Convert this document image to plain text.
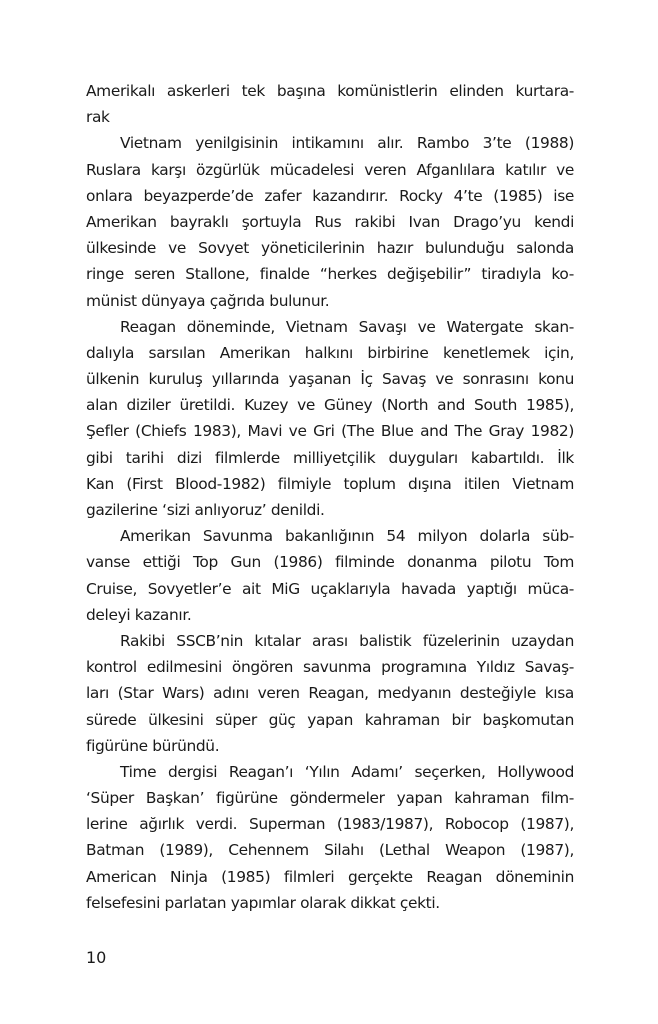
Amerikalı askerleri tek başına komünistlerin elinden kurtara-
rak
Vietnam yenilgisinin intikamını alır. Rambo 3’te (1988)
Ruslara karşı özgürlük mücadelesi veren Afganlılara katılır ve
onlara beyazperde’de zafer kazandırır. Rocky 4’te (1985) ise
Amerikan bayraklı şortuyla Rus rakibi Ivan Drago’yu kendi
ülkesinde ve Sovyet yöneticilerinin hazır bulunduğu salonda
ringe seren Stallone, finalde “herkes değişebilir” tiradıyla ko-
münist dünyaya çağrıda bulunur.
Reagan döneminde, Vietnam Savaşı ve Watergate skan-
dalıyla sarsılan Amerikan halkını birbirine kenetlemek için,
ülkenin kuruluş yıllarında yaşanan İç Savaş ve sonrasını konu
alan diziler üretildi. Kuzey ve Güney (North and South 1985),
Şefler (Chiefs 1983), Mavi ve Gri (The Blue and The Gray 1982)
gibi tarihi dizi filmlerde milliyetçilik duyguları kabartıldı. İlk
Kan (First Blood-1982) filmiyle toplum dışına itilen Vietnam
gazilerine ‘sizi anlıyoruz’ denildi.
Amerikan Savunma bakanlığının 54 milyon dolarla süb-
vanse ettiği Top Gun (1986) filminde donanma pilotu Tom
Cruise, Sovyetler’e ait MiG uçaklarıyla havada yaptığı müca-
deleyi kazanır.
Rakibi SSCB’nin kıtalar arası balistik füzelerinin uzaydan
kontrol edilmesini öngören savunma programına Yıldız Savaş-
ları (Star Wars) adını veren Reagan, medyanın desteğiyle kısa
sürede ülkesini süper güç yapan kahraman bir başkomutan
figürüne büründü.
Time dergisi Reagan’ı ‘Yılın Adamı’ seçerken, Hollywood
‘Süper Başkan’ figürüne göndermeler yapan kahraman film-
lerine ağırlık verdi. Superman (1983/1987), Robocop (1987),
Batman (1989), Cehennem Silahı (Lethal Weapon (1987),
American Ninja (1985) filmleri gerçekte Reagan döneminin
felsefesini parlatan yapımlar olarak dikkat çekti.
10
